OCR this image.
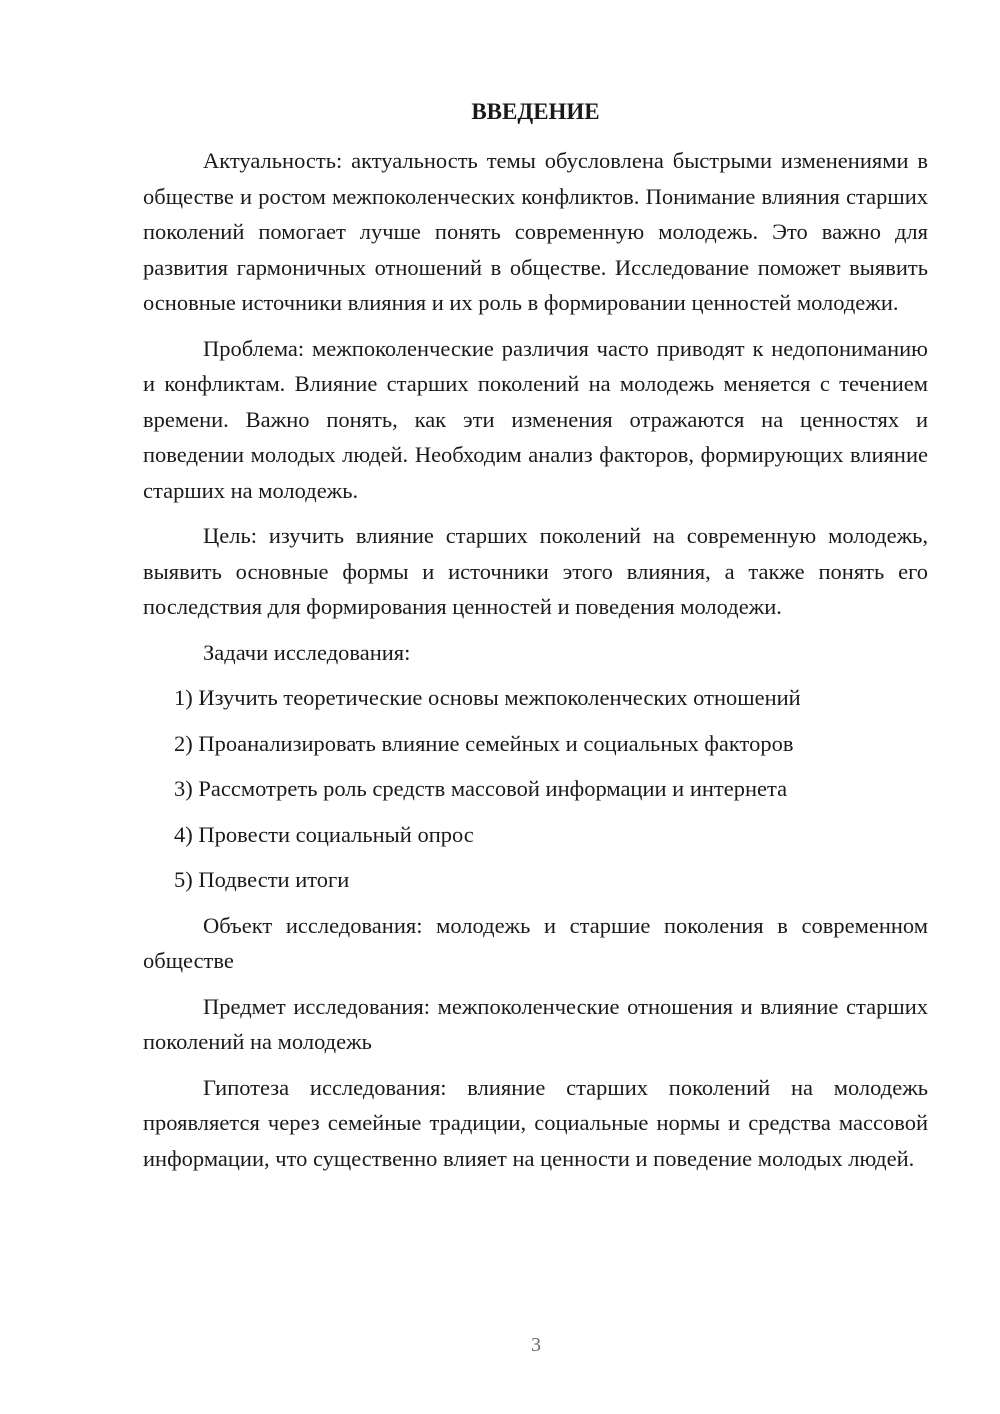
ВВЕДЕНИЕ

Актуальность: актуальность темы обусловлена быстрыми изменениями в обществе и ростом межпоколенческих конфликтов. Понимание влияния старших поколений помогает лучше понять современную молодежь. Это важно для развития гармоничных отношений в обществе. Исследование поможет выявить основные источники влияния и их роль в формировании ценностей молодежи.

Проблема: межпоколенческие различия часто приводят к недопониманию и конфликтам. Влияние старших поколений на молодежь меняется с течением времени. Важно понять, как эти изменения отражаются на ценностях и поведении молодых людей. Необходим анализ факторов, формирующих влияние старших на молодежь.

Цель: изучить влияние старших поколений на современную молодежь, выявить основные формы и источники этого влияния, а также понять его последствия для формирования ценностей и поведения молодежи.

Задачи исследования:

1) Изучить теоретические основы межпоколенческих отношений
2) Проанализировать влияние семейных и социальных факторов
3) Рассмотреть роль средств массовой информации и интернета
4) Провести социальный опрос
5) Подвести итоги

Объект исследования: молодежь и старшие поколения в современном обществе

Предмет исследования: межпоколенческие отношения и влияние старших поколений на молодежь

Гипотеза исследования: влияние старших поколений на молодежь проявляется через семейные традиции, социальные нормы и средства массовой информации, что существенно влияет на ценности и поведение молодых людей.

3
